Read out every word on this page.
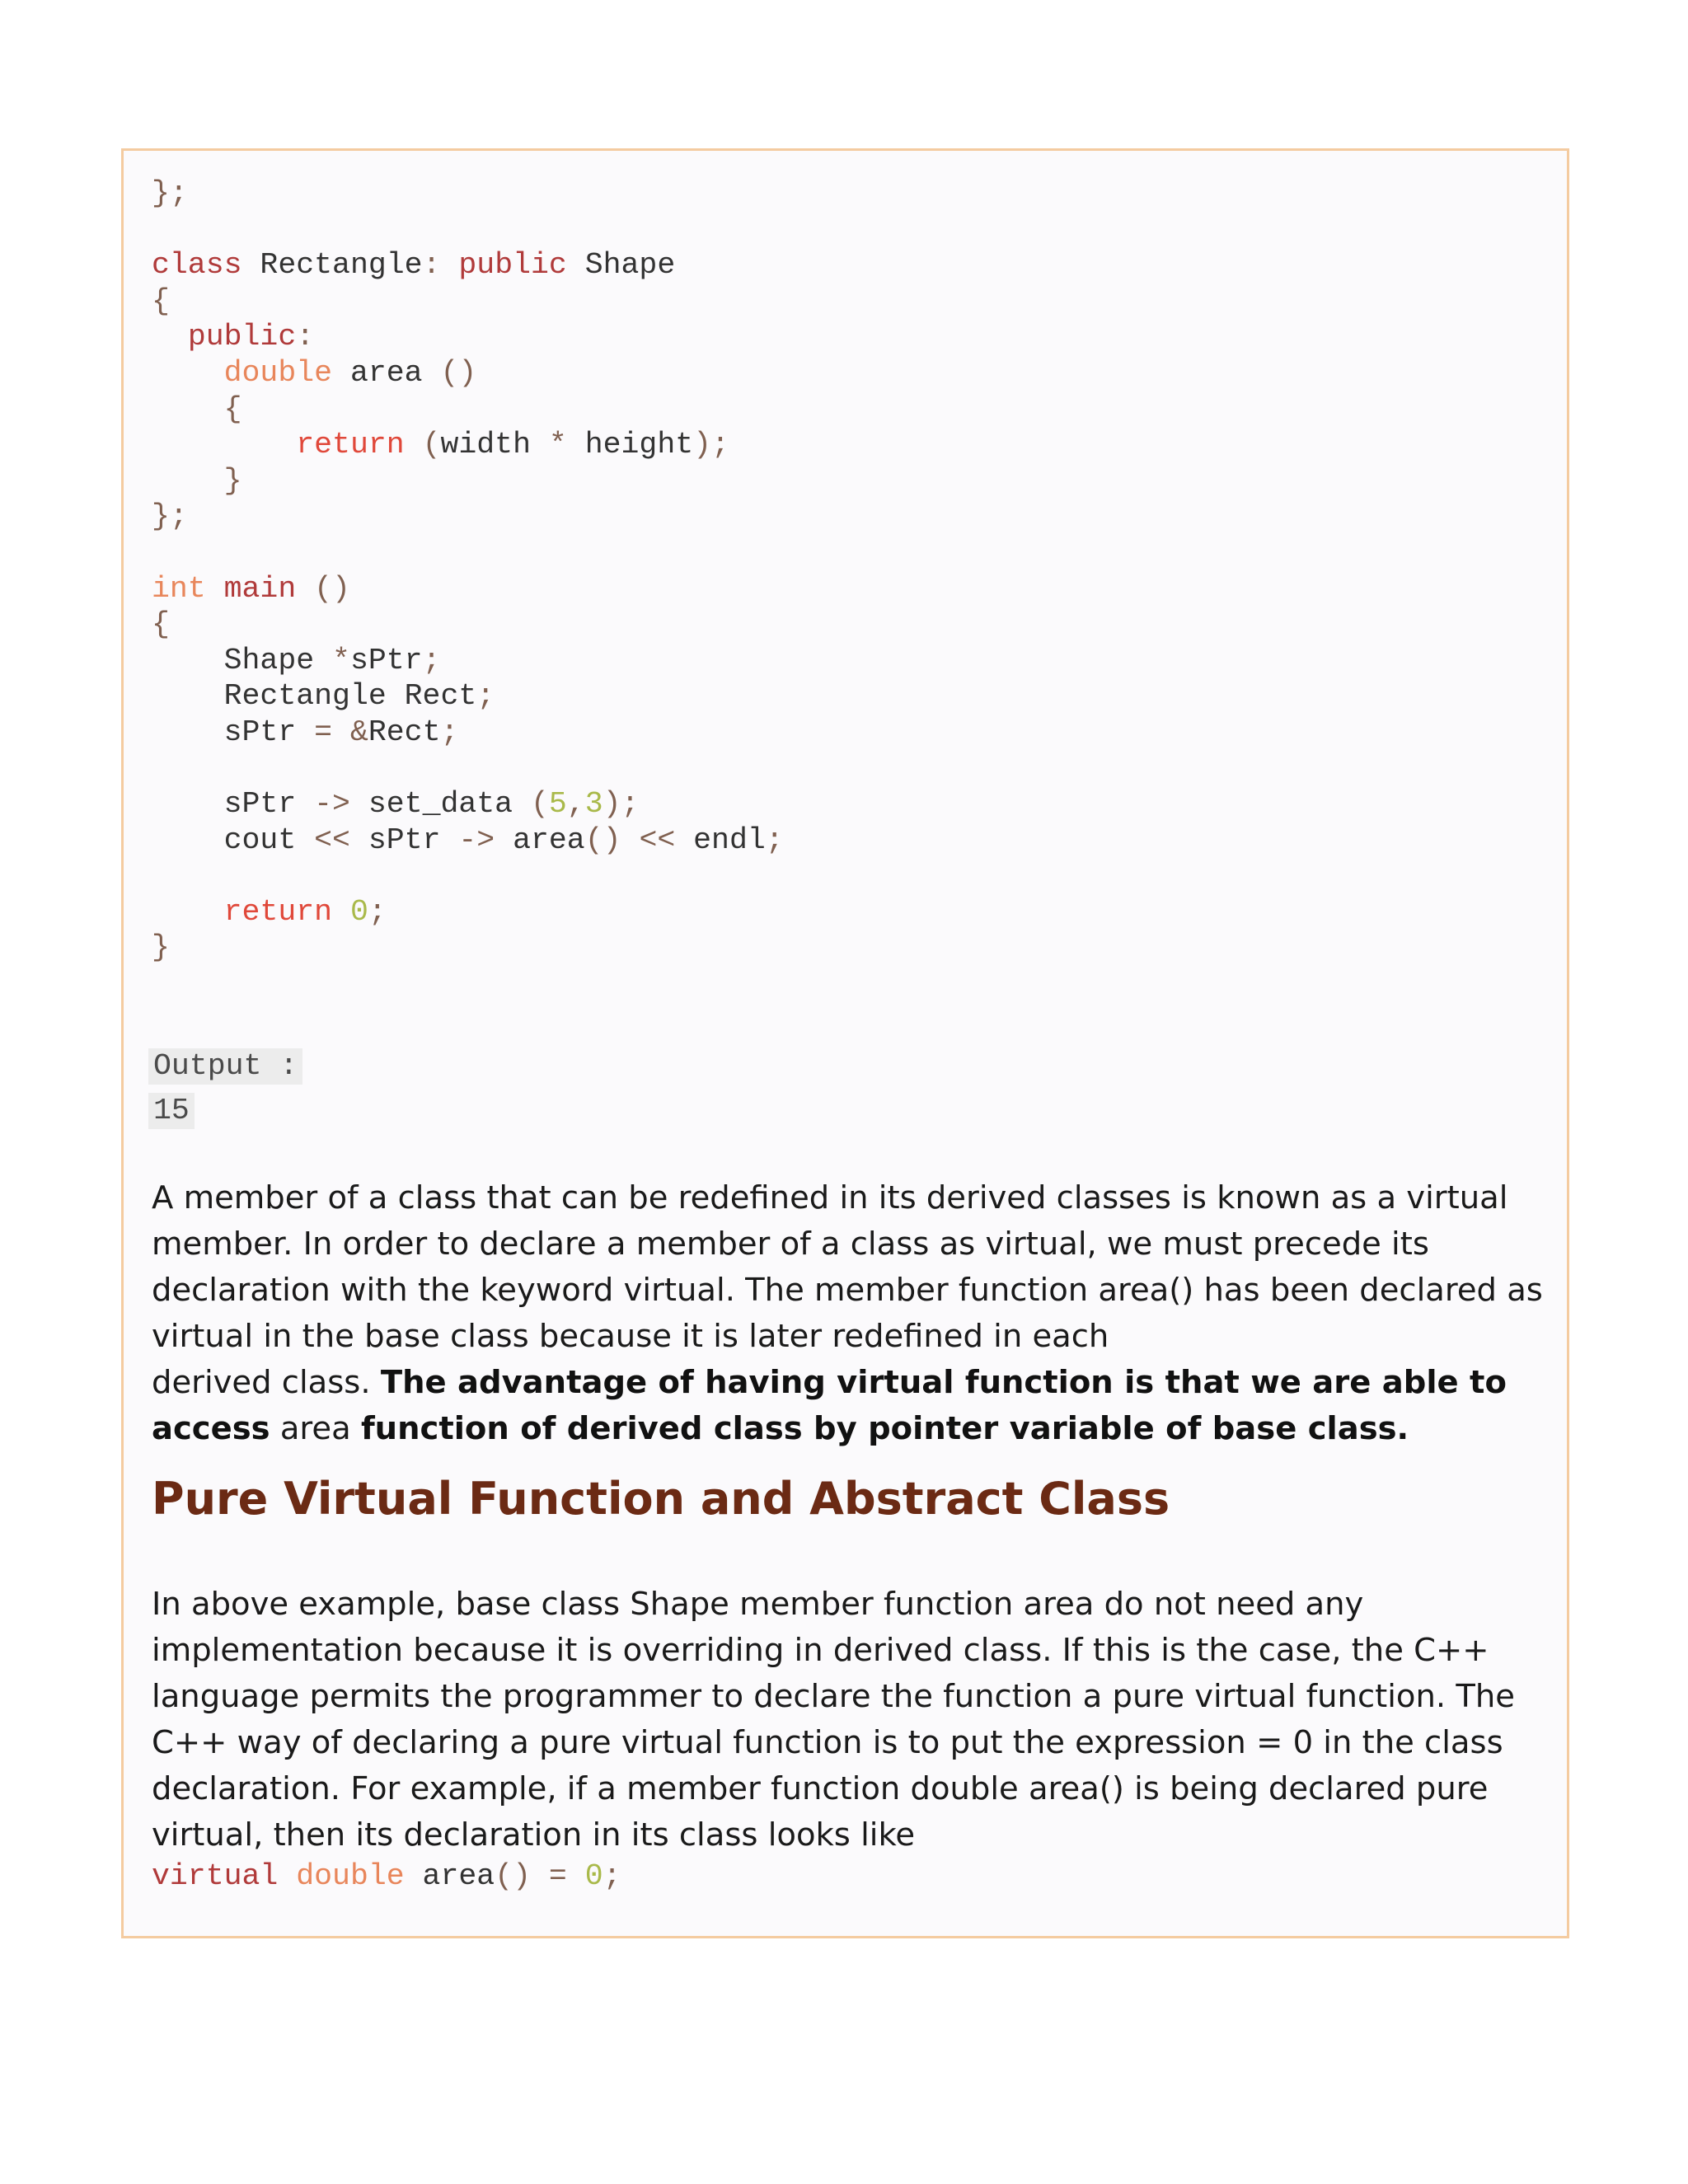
};

class Rectangle: public Shape
{
public:
double area ()
{
return (width * height);
}
};

int main ()
{
Shape *sPtr;
Rectangle Rect;
sPtr = &Rect;

sPtr -> set_data (5,3);
cout << sPtr -> area() << endl;

return 0;
}
Output :
15

A member of a class that can be redefined in its derived classes is known as a virtual member. In order to declare a member of a class as virtual, we must precede its declaration with the keyword virtual. The member function area() has been declared as virtual in the base class because it is later redefined in each
derived class. The advantage of having virtual function is that we are able to access area function of derived class by pointer variable of base class.

Pure Virtual Function and Abstract Class

In above example, base class Shape member function area do not need any implementation because it is overriding in derived class. If this is the case, the C++ language permits the programmer to declare the function a pure virtual function. The C++ way of declaring a pure virtual function is to put the expression = 0 in the class declaration. For example, if a member function double area() is being declared pure virtual, then its declaration in its class looks like

virtual double area() = 0;
